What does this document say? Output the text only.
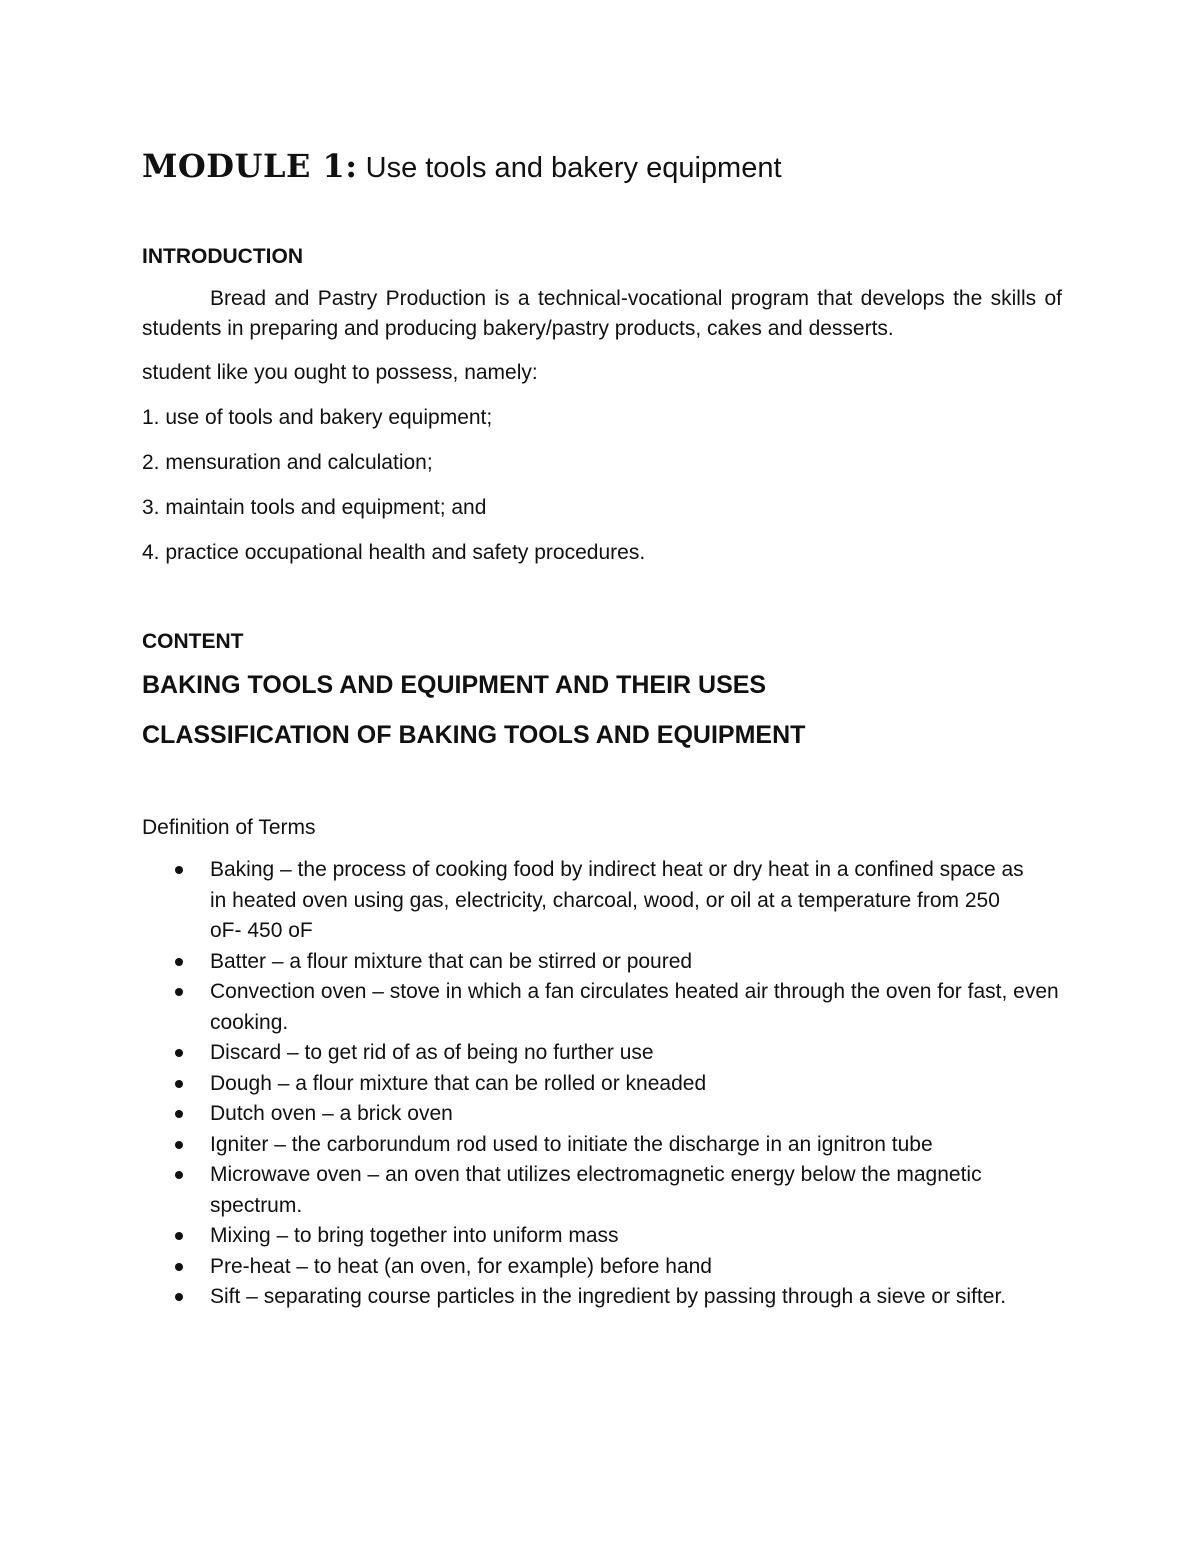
MODULE 1: Use tools and bakery equipment

INTRODUCTION

Bread and Pastry Production is a technical-vocational program that develops the skills of students in preparing and producing bakery/pastry products, cakes and desserts.

student like you ought to possess, namely:

1. use of tools and bakery equipment;
2. mensuration and calculation;
3. maintain tools and equipment; and
4. practice occupational health and safety procedures.

CONTENT

BAKING TOOLS AND EQUIPMENT AND THEIR USES
CLASSIFICATION OF BAKING TOOLS AND EQUIPMENT

Definition of Terms

Baking – the process of cooking food by indirect heat or dry heat in a confined space as in heated oven using gas, electricity, charcoal, wood, or oil at a temperature from 250 oF- 450 oF
Batter – a flour mixture that can be stirred or poured
Convection oven – stove in which a fan circulates heated air through the oven for fast, even cooking.
Discard – to get rid of as of being no further use
Dough – a flour mixture that can be rolled or kneaded
Dutch oven – a brick oven
Igniter – the carborundum rod used to initiate the discharge in an ignitron tube
Microwave oven – an oven that utilizes electromagnetic energy below the magnetic spectrum.
Mixing – to bring together into uniform mass
Pre-heat – to heat (an oven, for example) before hand
Sift – separating course particles in the ingredient by passing through a sieve or sifter.
